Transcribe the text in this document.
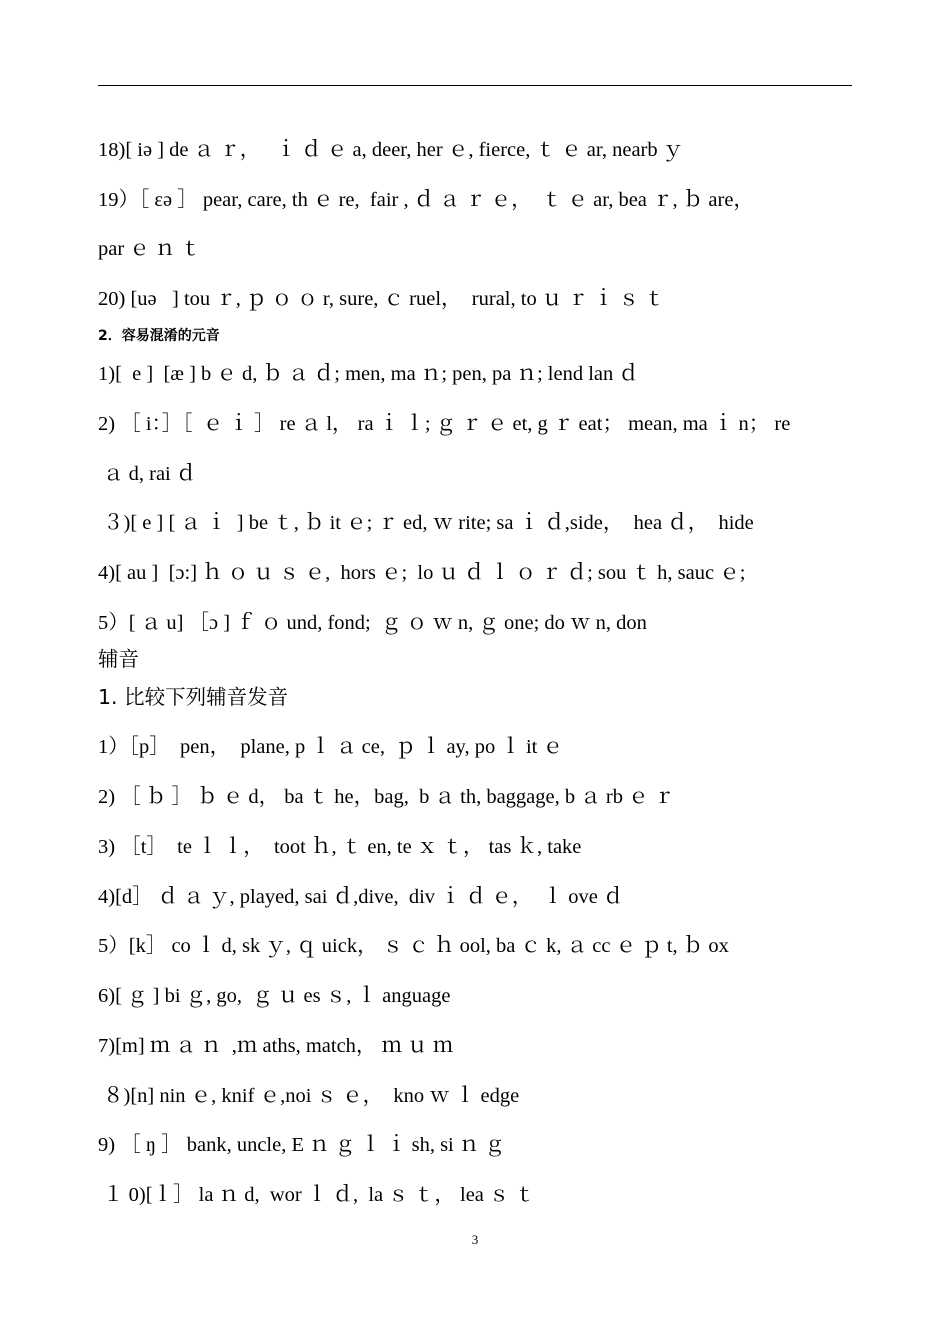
18)[ iə ] de ａ ｒ，   ｉ ｄ ｅ a, deer, her ｅ, fierce, ｔ ｅ ar, nearb ｙ
19）［ ɛə ］ pear, care, th ｅ re,  fair , ｄ ａ ｒ ｅ，  ｔ ｅ ar, bea ｒ, ｂ are，
par ｅ ｎ ｔ
20) [uə   ] tou ｒ, ｐ ｏ ｏ r, sure, ｃ ruel，  rural, to ｕ ｒ ｉ ｓ ｔ
2．容易混淆的元音
1)[  e ]  [æ ] b ｅ d, ｂ ａ ｄ; men, ma ｎ; pen, pa ｎ; lend lan ｄ
2) ［ i：］［  ｅ ｉ ］ re ａ l， ra ｉ ｌ; ｇ ｒ ｅ et, g ｒ eat； mean, ma ｉ n； re
ａ d, rai ｄ
３)[ e ] [ ａ ｉ  ] be ｔ, ｂ it ｅ; ｒ ed, ｗ rite; sa ｉ ｄ,side，  hea ｄ，  hide
4)[ au ]  [ɔ:] ｈ ｏ ｕ ｓ ｅ,  hors ｅ;  lo ｕ ｄ ｌ ｏ ｒ ｄ; sou ｔ h, sauc ｅ;
5）[ ａ u] ［ɔ ] ｆ ｏ und, fond;  ｇ ｏ ｗ n, ｇ one; do ｗ n, don
辅音
1. 比较下列辅音发音
1）［p］  pen，  plane, p ｌ ａ ce,  ｐ ｌ ay, po ｌ it ｅ
2) ［ ｂ ］ ｂ ｅ d， ba ｔ he，bag,  b ａ th, baggage, b ａ rb ｅ ｒ
3) ［t］  te ｌ ｌ，  toot ｈ, ｔ en, te ｘ ｔ， tas ｋ, take
4)[d］ ｄ ａ ｙ, played, sai ｄ,dive,  div ｉ ｄ ｅ，  ｌ ove ｄ
5）[k］ co ｌ d, sk ｙ, ｑ uick， ｓ ｃ ｈ ool, ba ｃ k, ａ cc ｅ ｐ t, ｂ ox
6)[ ｇ ] bi ｇ, go,  ｇ ｕ es ｓ, ｌ anguage
7)[m] ｍ ａ ｎ  ,ｍ aths, match， ｍ ｕ ｍ
８)[n] nin ｅ, knif ｅ,noi ｓ ｅ，  kno ｗ ｌ edge
9) ［ ŋ ］ bank, uncle, E ｎ ｇ ｌ ｉ sh, si ｎ ｇ
１ 0)[ｌ］ la ｎ d,  wor ｌ ｄ,  la ｓ ｔ， lea ｓ ｔ
3
